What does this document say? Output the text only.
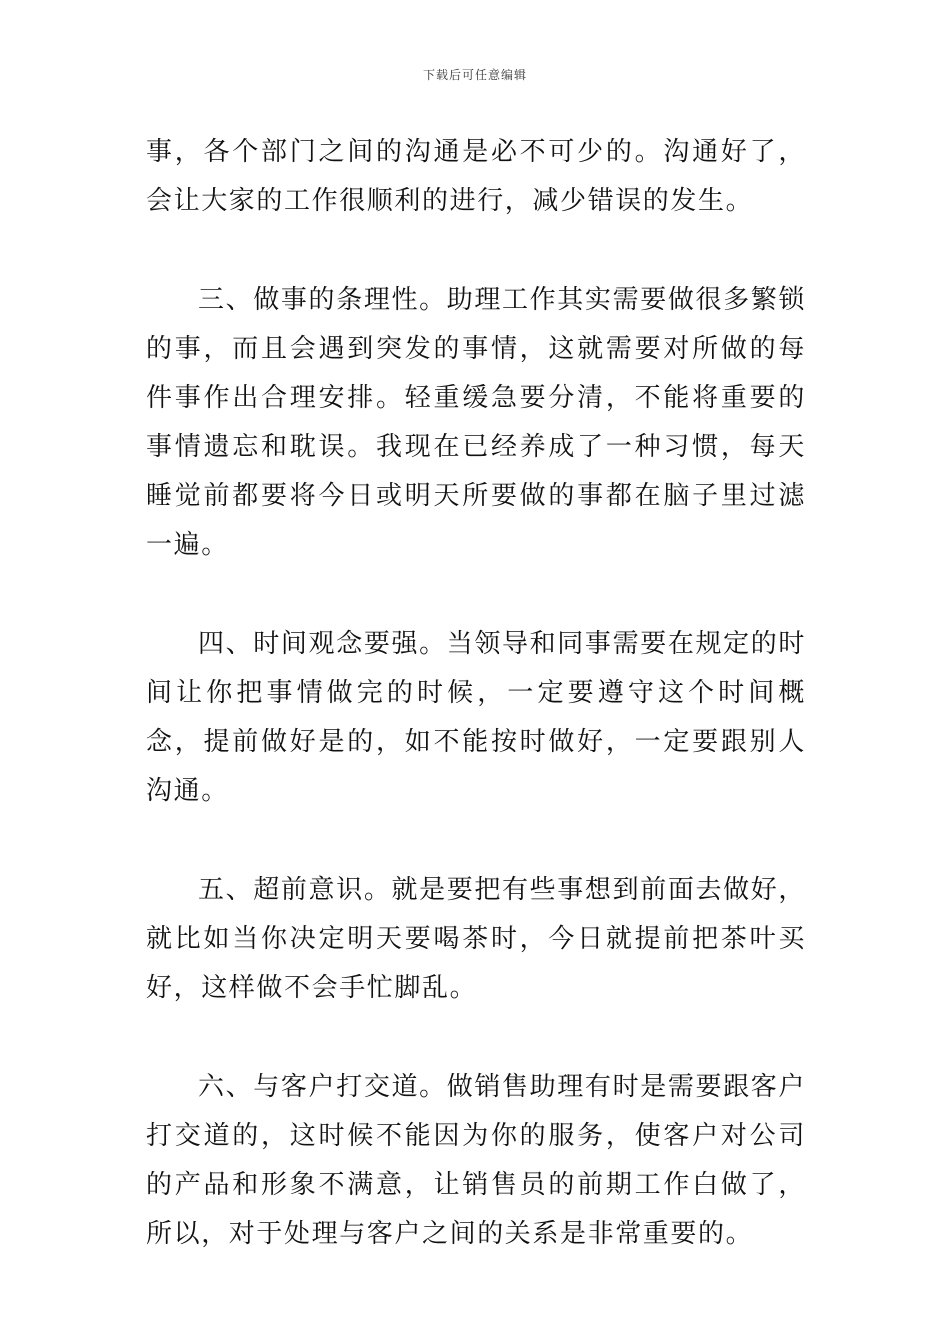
下载后可任意编辑

事，各个部门之间的沟通是必不可少的。沟通好了，会让大家的工作很顺利的进行，减少错误的发生。

三、做事的条理性。助理工作其实需要做很多繁锁的事，而且会遇到突发的事情，这就需要对所做的每件事作出合理安排。轻重缓急要分清，不能将重要的事情遗忘和耽误。我现在已经养成了一种习惯，每天睡觉前都要将今日或明天所要做的事都在脑子里过滤一遍。

四、时间观念要强。当领导和同事需要在规定的时间让你把事情做完的时候，一定要遵守这个时间概念，提前做好是的，如不能按时做好，一定要跟别人沟通。

五、超前意识。就是要把有些事想到前面去做好，就比如当你决定明天要喝茶时，今日就提前把茶叶买好，这样做不会手忙脚乱。

六、与客户打交道。做销售助理有时是需要跟客户打交道的，这时候不能因为你的服务，使客户对公司的产品和形象不满意，让销售员的前期工作白做了，所以，对于处理与客户之间的关系是非常重要的。
